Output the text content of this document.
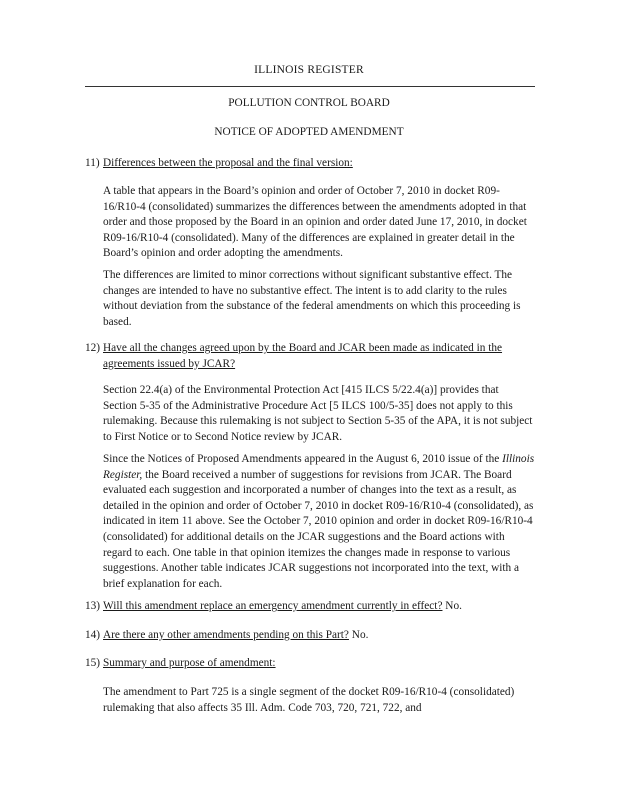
ILLINOIS REGISTER
POLLUTION CONTROL BOARD
NOTICE OF ADOPTED AMENDMENT
11) Differences between the proposal and the final version:
A table that appears in the Board’s opinion and order of October 7, 2010 in docket R09-16/R10-4 (consolidated) summarizes the differences between the amendments adopted in that order and those proposed by the Board in an opinion and order dated June 17, 2010, in docket R09-16/R10-4 (consolidated). Many of the differences are explained in greater detail in the Board’s opinion and order adopting the amendments.
The differences are limited to minor corrections without significant substantive effect. The changes are intended to have no substantive effect. The intent is to add clarity to the rules without deviation from the substance of the federal amendments on which this proceeding is based.
12) Have all the changes agreed upon by the Board and JCAR been made as indicated in the agreements issued by JCAR?
Section 22.4(a) of the Environmental Protection Act [415 ILCS 5/22.4(a)] provides that Section 5-35 of the Administrative Procedure Act [5 ILCS 100/5-35] does not apply to this rulemaking. Because this rulemaking is not subject to Section 5-35 of the APA, it is not subject to First Notice or to Second Notice review by JCAR.
Since the Notices of Proposed Amendments appeared in the August 6, 2010 issue of the Illinois Register, the Board received a number of suggestions for revisions from JCAR. The Board evaluated each suggestion and incorporated a number of changes into the text as a result, as detailed in the opinion and order of October 7, 2010 in docket R09-16/R10-4 (consolidated), as indicated in item 11 above. See the October 7, 2010 opinion and order in docket R09-16/R10-4 (consolidated) for additional details on the JCAR suggestions and the Board actions with regard to each. One table in that opinion itemizes the changes made in response to various suggestions. Another table indicates JCAR suggestions not incorporated into the text, with a brief explanation for each.
13) Will this amendment replace an emergency amendment currently in effect? No.
14) Are there any other amendments pending on this Part? No.
15) Summary and purpose of amendment:
The amendment to Part 725 is a single segment of the docket R09-16/R10-4 (consolidated) rulemaking that also affects 35 Ill. Adm. Code 703, 720, 721, 722, and
